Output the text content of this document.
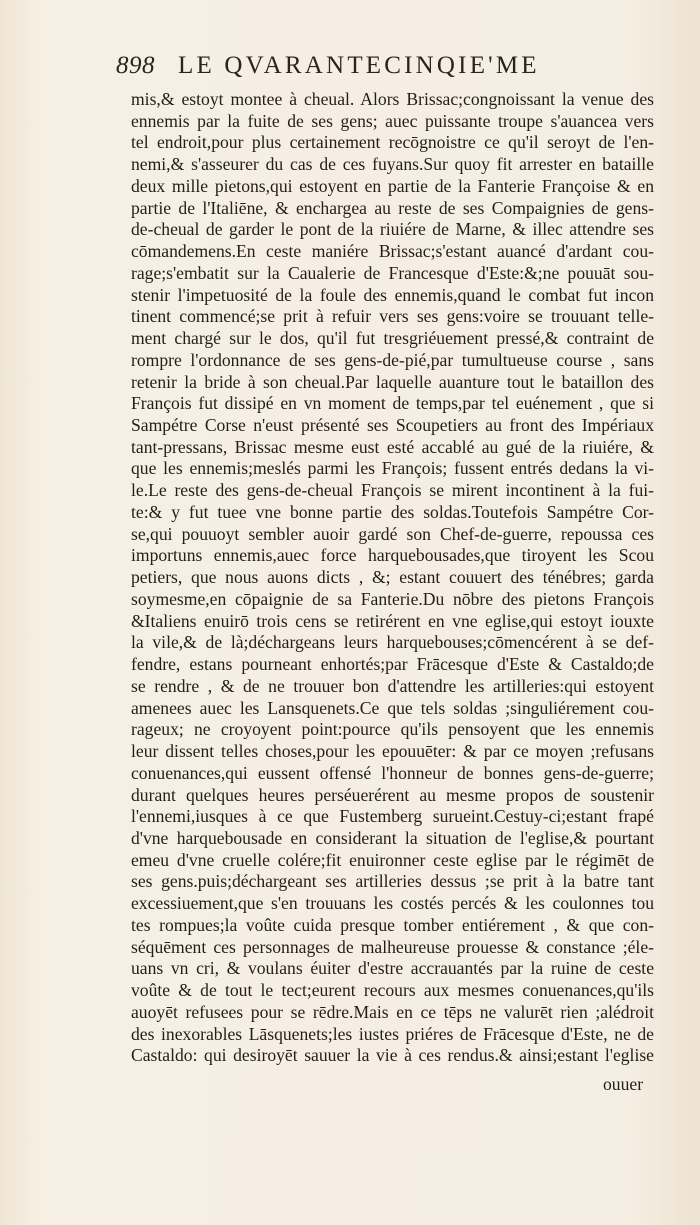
898 LE QVARANTECINQIE'ME
mis,& estoyt montee à cheual. Alors Brissac;congnoissant la venue des
ennemis par la fuite de ses gens; auec puissante troupe s'auancea vers
tel endroit,pour plus certainement recōgnoistre ce qu'il seroyt de l'en-
nemi,& s'asseurer du cas de ces fuyans.Sur quoy fit arrester en bataille
deux mille pietons,qui estoyent en partie de la Fanterie Françoise & en
partie de l'Italiēne, & enchargea au reste de ses Compaignies de gens-
de-cheual de garder le pont de la riuiére de Marne, & illec attendre ses
cōmandemens.En ceste maniére Brissac;s'estant auancé d'ardant cou-
rage;s'embatit sur la Caualerie de Francesque d'Este:&;ne pouuāt sou-
stenir l'impetuosité de la foule des ennemis,quand le combat fut incon
tinent commencé;se prit à refuir vers ses gens:voire se trouuant telle-
ment chargé sur le dos, qu'il fut tresgriéuement pressé,& contraint de
rompre l'ordonnance de ses gens-de-pié,par tumultueuse course , sans
retenir la bride à son cheual.Par laquelle auanture tout le bataillon des
François fut dissipé en vn moment de temps,par tel euénement , que si
Sampétre Corse n'eust présenté ses Scoupetiers au front des Impériaux
tant-pressans, Brissac mesme eust esté accablé au gué de la riuiére, &
que les ennemis;meslés parmi les François; fussent entrés dedans la vi-
le.Le reste des gens-de-cheual François se mirent incontinent à la fui-
te:& y fut tuee vne bonne partie des soldas.Toutefois Sampétre Cor-
se,qui pouuoyt sembler auoir gardé son Chef-de-guerre, repoussa ces
importuns ennemis,auec force harquebousades,que tiroyent les Scou
petiers, que nous auons dicts , &; estant couuert des ténébres; garda
soymesme,en cōpaignie de sa Fanterie.Du nōbre des pietons François
&Italiens enuirō trois cens se retirérent en vne eglise,qui estoyt iouxte
la vile,& de là;déchargeans leurs harquebouses;cōmencérent à se def-
fendre, estans pourneant enhortés;par Frācesque d'Este & Castaldo;de
se rendre , & de ne trouuer bon d'attendre les artilleries:qui estoyent
amenees auec les Lansquenets.Ce que tels soldas ;singuliérement cou-
rageux; ne croyoyent point:pource qu'ils pensoyent que les ennemis
leur dissent telles choses,pour les epouuēter: & par ce moyen ;refusans
conuenances,qui eussent offensé l'honneur de bonnes gens-de-guerre;
durant quelques heures perséuerérent au mesme propos de soustenir
l'ennemi,iusques à ce que Fustemberg surueint.Cestuy-ci;estant frapé
d'vne harquebousade en considerant la situation de l'eglise,& pourtant
emeu d'vne cruelle colére;fit enuironner ceste eglise par le régimēt de
ses gens.puis;déchargeant ses artilleries dessus ;se prit à la batre tant
excessiuement,que s'en trouuans les costés percés & les coulonnes tou
tes rompues;la voûte cuida presque tomber entiérement , & que con-
séquēment ces personnages de malheureuse prouesse & constance ;éle-
uans vn cri, & voulans éuiter d'estre accrauantés par la ruine de ceste
voûte & de tout le tect;eurent recours aux mesmes conuenances,qu'ils
auoyēt refusees pour se rēdre.Mais en ce tēps ne valurēt rien ;alédroit
des inexorables Lāsquenets;les iustes priéres de Frācesque d'Este, ne de
Castaldo: qui desiroyēt sauuer la vie à ces rendus.& ainsi;estant l'eglise
ouuer
